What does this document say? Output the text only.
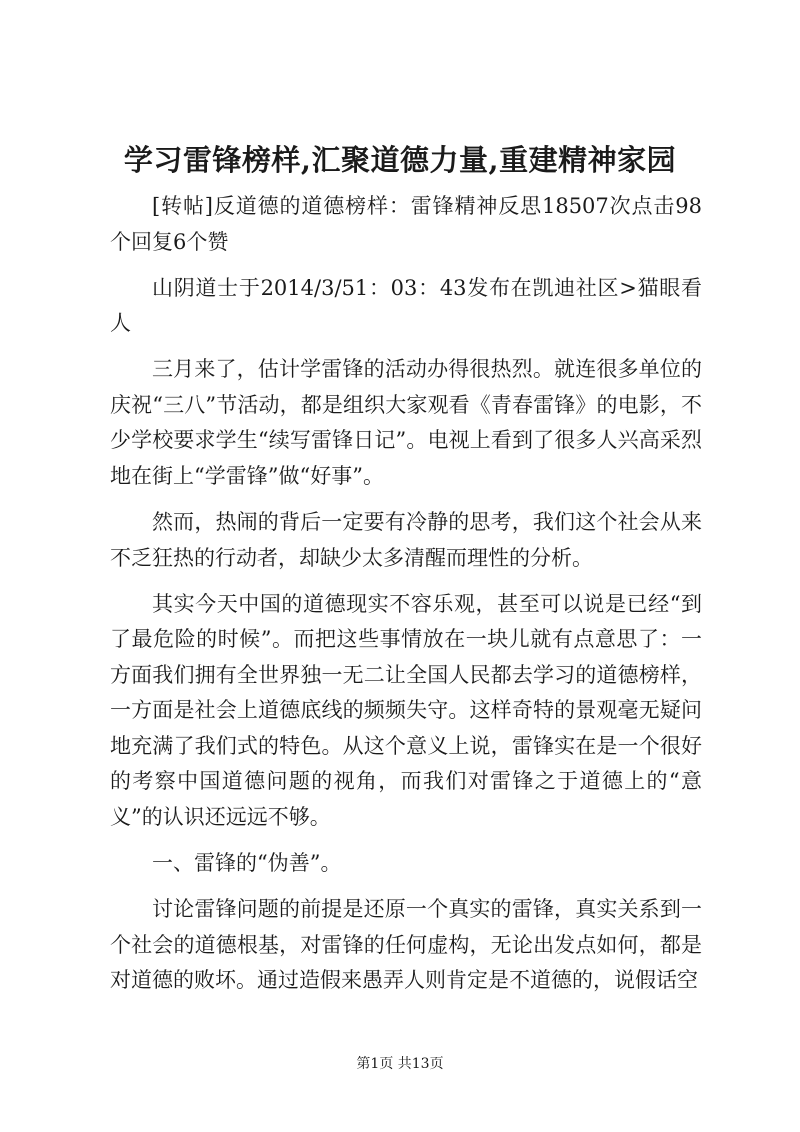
学习雷锋榜样,汇聚道德力量,重建精神家园

[转帖]反道德的道德榜样：雷锋精神反思18507次点击98个回复6个赞

山阴道士于2014/3/51：03：43发布在凯迪社区>猫眼看人

三月来了，估计学雷锋的活动办得很热烈。就连很多单位的庆祝“三八”节活动，都是组织大家观看《青春雷锋》的电影，不少学校要求学生“续写雷锋日记”。电视上看到了很多人兴高采烈地在街上“学雷锋”做“好事”。

然而，热闹的背后一定要有冷静的思考，我们这个社会从来不乏狂热的行动者，却缺少太多清醒而理性的分析。

其实今天中国的道德现实不容乐观，甚至可以说是已经“到了最危险的时候”。而把这些事情放在一块儿就有点意思了：一方面我们拥有全世界独一无二让全国人民都去学习的道德榜样，一方面是社会上道德底线的频频失守。这样奇特的景观毫无疑问地充满了我们式的特色。从这个意义上说，雷锋实在是一个很好的考察中国道德问题的视角，而我们对雷锋之于道德上的“意义”的认识还远远不够。

一、雷锋的“伪善”。

讨论雷锋问题的前提是还原一个真实的雷锋，真实关系到一个社会的道德根基，对雷锋的任何虚构，无论出发点如何，都是对道德的败坏。通过造假来愚弄人则肯定是不道德的，说假话空

第1页 共13页
